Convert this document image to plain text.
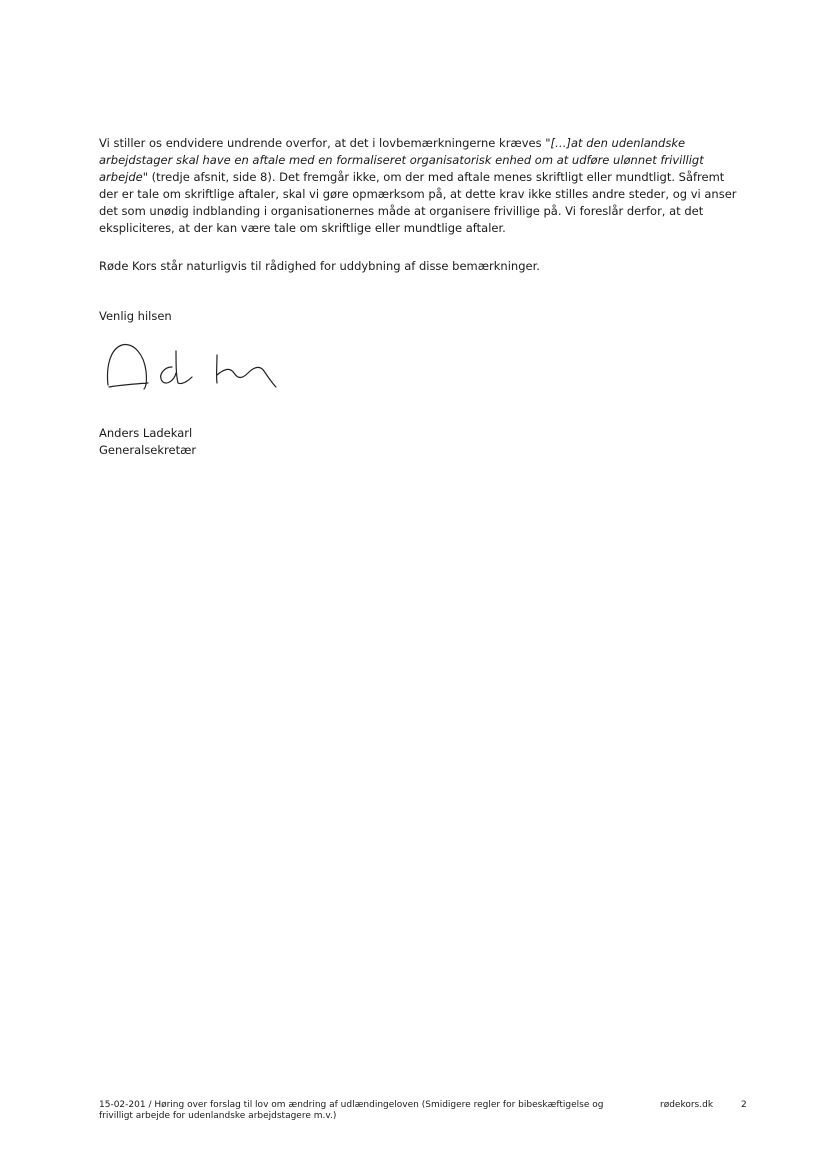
Vi stiller os endvidere undrende overfor, at det i lovbemærkningerne kræves "[…]at den udenlandske arbejdstager skal have en aftale med en formaliseret organisatorisk enhed om at udføre ulønnet frivilligt arbejde" (tredje afsnit, side 8). Det fremgår ikke, om der med aftale menes skriftligt eller mundtligt. Såfremt der er tale om skriftlige aftaler, skal vi gøre opmærksom på, at dette krav ikke stilles andre steder, og vi anser det som unødig indblanding i organisationernes måde at organisere frivillige på. Vi foreslår derfor, at det ekspliciteres, at der kan være tale om skriftlige eller mundtlige aftaler.

Røde Kors står naturligvis til rådighed for uddybning af disse bemærkninger.

Venlig hilsen

Anders Ladekarl
Generalsekretær
15-02-201 / Høring over forslag til lov om ændring af udlændingeloven (Smidigere regler for bibeskæftigelse og frivilligt arbejde for udenlandske arbejdstagere m.v.)
rødekors.dk	2
